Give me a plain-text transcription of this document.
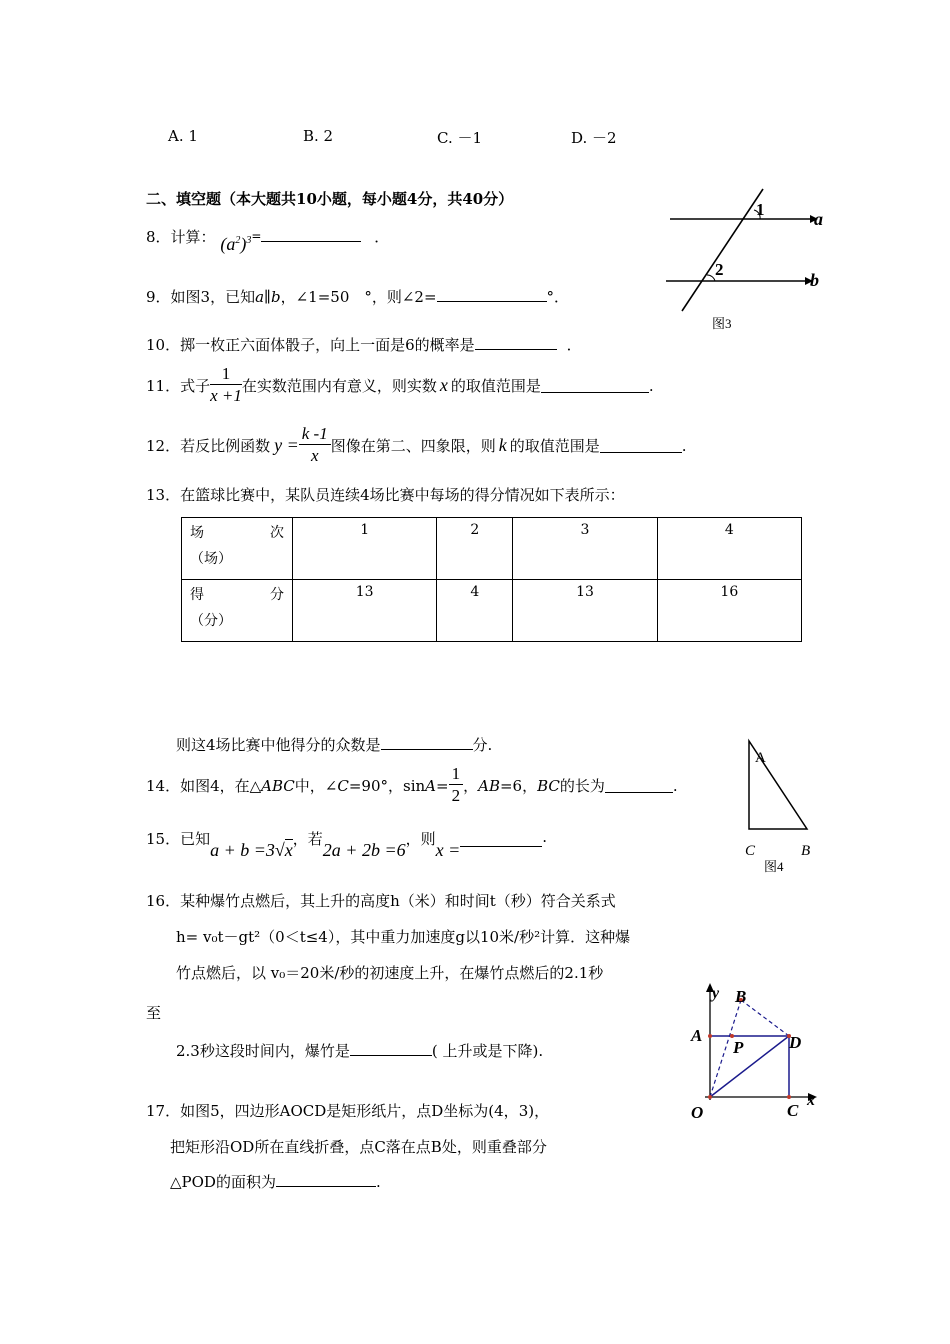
A. 1	B. 2	C. －1	D. －2
二、填空题（本大题共10小题，每小题4分，共40分）
1
2
a
b
图3
8．计算： $(a^2)^3=$	．
9．如图3，已知a∥b，∠1=50　°，则∠2=	°．
10．掷一枚正六面体骰子，向上一面是6的概率是	．
11．式子 $\frac{1}{x +1}$ 在实数范围内有意义，则实数 x 的取值范围是	.
12．若反比例函数 $y = \frac{k -1}{x}$ 图像在第二、四象限，则 k 的取值范围是	.
13．在篮球比赛中，某队员连续4场比赛中每场的得分情况如下表所示：
场 次
（场）	1	2	3	4

得 分
（分）	13	4	13	16
则这4场比赛中他得分的众数是	分.
A
C	B
图4
14．如图4，在△ ABC 中，∠ C =90°，$\sin A = \frac{1}{2}$ ， AB =6， BC 的长为	.
15．已知
a + b =3√x
，若
2a + 2b =6
，则
x =
.
16．某种爆竹点燃后，其上升的高度h（米）和时间t（秒）符合关系式
h= v₀t－gt²（0＜t≤4），其中重力加速度g以10米/秒²计算．这种爆
竹点燃后，以 v₀＝20米/秒的初速度上升，在爆竹点燃后的2.1秒
至
2.3秒这段时间内，爆竹是	( 上升或是下降).
y
x
B
A
P	D
O	C
17．如图5，四边形AOCD是矩形纸片，点D坐标为(4，3)，
把矩形沿OD所在直线折叠，点C落在点B处，则重叠部分
△POD的面积为	.
